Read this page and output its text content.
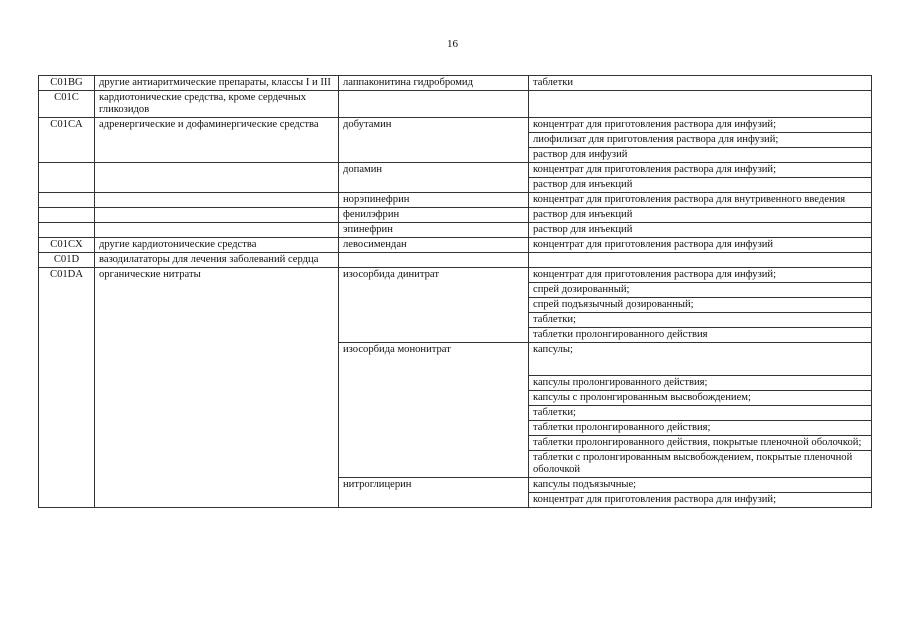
16
C01BG	другие антиаритмические препараты, классы I и III	лаппаконитина гидробромид	таблетки
C01C	кардиотонические средства, кроме сердечных гликозидов		
C01CA	адренергические и дофаминергические средства	добутамин	концентрат для приготовления раствора для инфузий;
			лиофилизат для приготовления раствора для инфузий;
			раствор для инфузий
		допамин	концентрат для приготовления раствора для инфузий;
			раствор для инъекций
		норэпинефрин	концентрат для приготовления раствора для внутривенного введения
		фенилэфрин	раствор для инъекций
		эпинефрин	раствор для инъекций
C01CX	другие кардиотонические средства	левосимендан	концентрат для приготовления раствора для инфузий
C01D	вазодилататоры для лечения заболеваний сердца		
C01DA	органические нитраты	изосорбида динитрат	концентрат для приготовления раствора для инфузий;
			спрей дозированный;
			спрей подъязычный дозированный;
			таблетки;
			таблетки пролонгированного действия
		изосорбида мононитрат	капсулы;
			капсулы пролонгированного действия;
			капсулы с пролонгированным высвобождением;
			таблетки;
			таблетки пролонгированного действия;
			таблетки пролонгированного действия, покрытые пленочной оболочкой;
			таблетки с пролонгированным высвобождением, покрытые пленочной оболочкой
		нитроглицерин	капсулы подъязычные;
			концентрат для приготовления раствора для инфузий;
